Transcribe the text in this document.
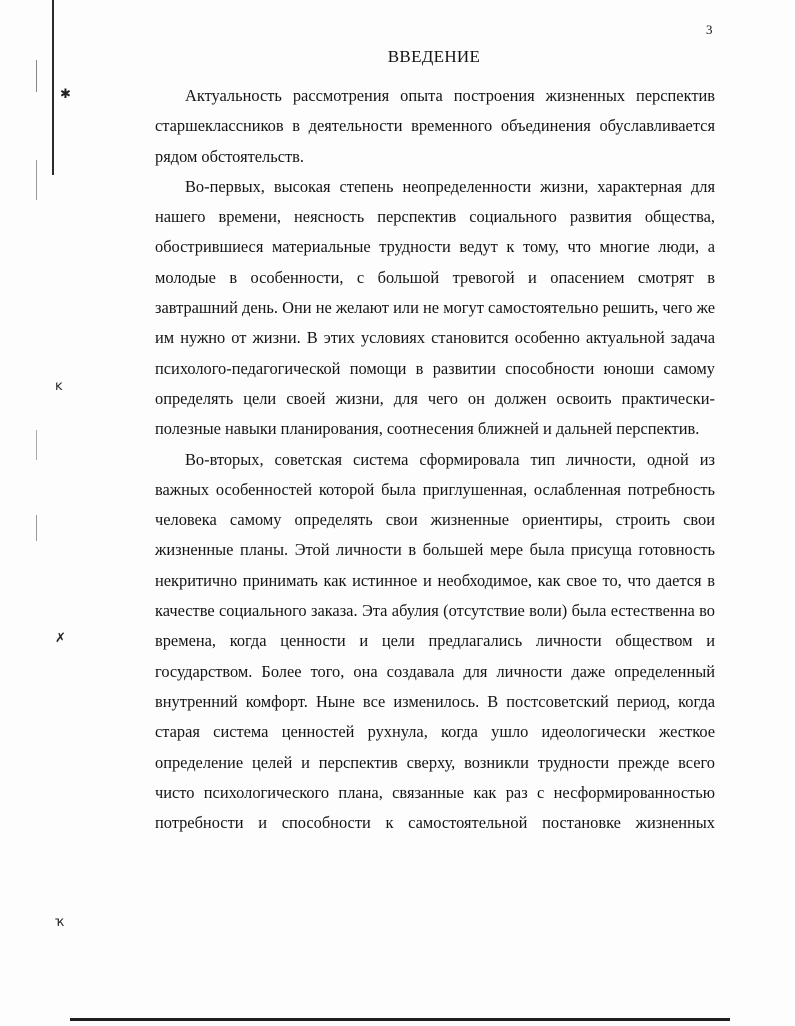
✱
ĸ
✗
ҡ
3
ВВЕДЕНИЕ

Актуальность рассмотрения опыта построения жизненных перспектив старшеклассников в деятельности временного объединения обуславливается рядом обстоятельств.

Во-первых, высокая степень неопределенности жизни, характерная для нашего времени, неясность перспектив социального развития общества, обострившиеся материальные трудности ведут к тому, что многие люди, а молодые в особенности, с большой тревогой и опасением смотрят в завтрашний день. Они не желают или не могут самостоятельно решить, чего же им нужно от жизни. В этих условиях становится особенно актуальной задача психолого-педагогической помощи в развитии способности юноши самому определять цели своей жизни, для чего он должен освоить практически-полезные навыки планирования, соотнесения ближней и дальней перспектив.

Во-вторых, советская система сформировала тип личности, одной из важных особенностей которой была приглушенная, ослабленная потребность человека самому определять свои жизненные ориентиры, строить свои жизненные планы. Этой личности в большей мере была присуща готовность некритично принимать как истинное и необходимое, как свое то, что дается в качестве социального заказа. Эта абулия (отсутствие воли) была естественна во времена, когда ценности и цели предлагались личности обществом и государством. Более того, она создавала для личности даже определенный внутренний комфорт. Ныне все изменилось. В постсоветский период, когда старая система ценностей рухнула, когда ушло идеологически жесткое определение целей и перспектив сверху, возникли трудности прежде всего чисто психологического плана, связанные как раз с несформированностью потребности и способности к самостоятельной постановке жизненных
